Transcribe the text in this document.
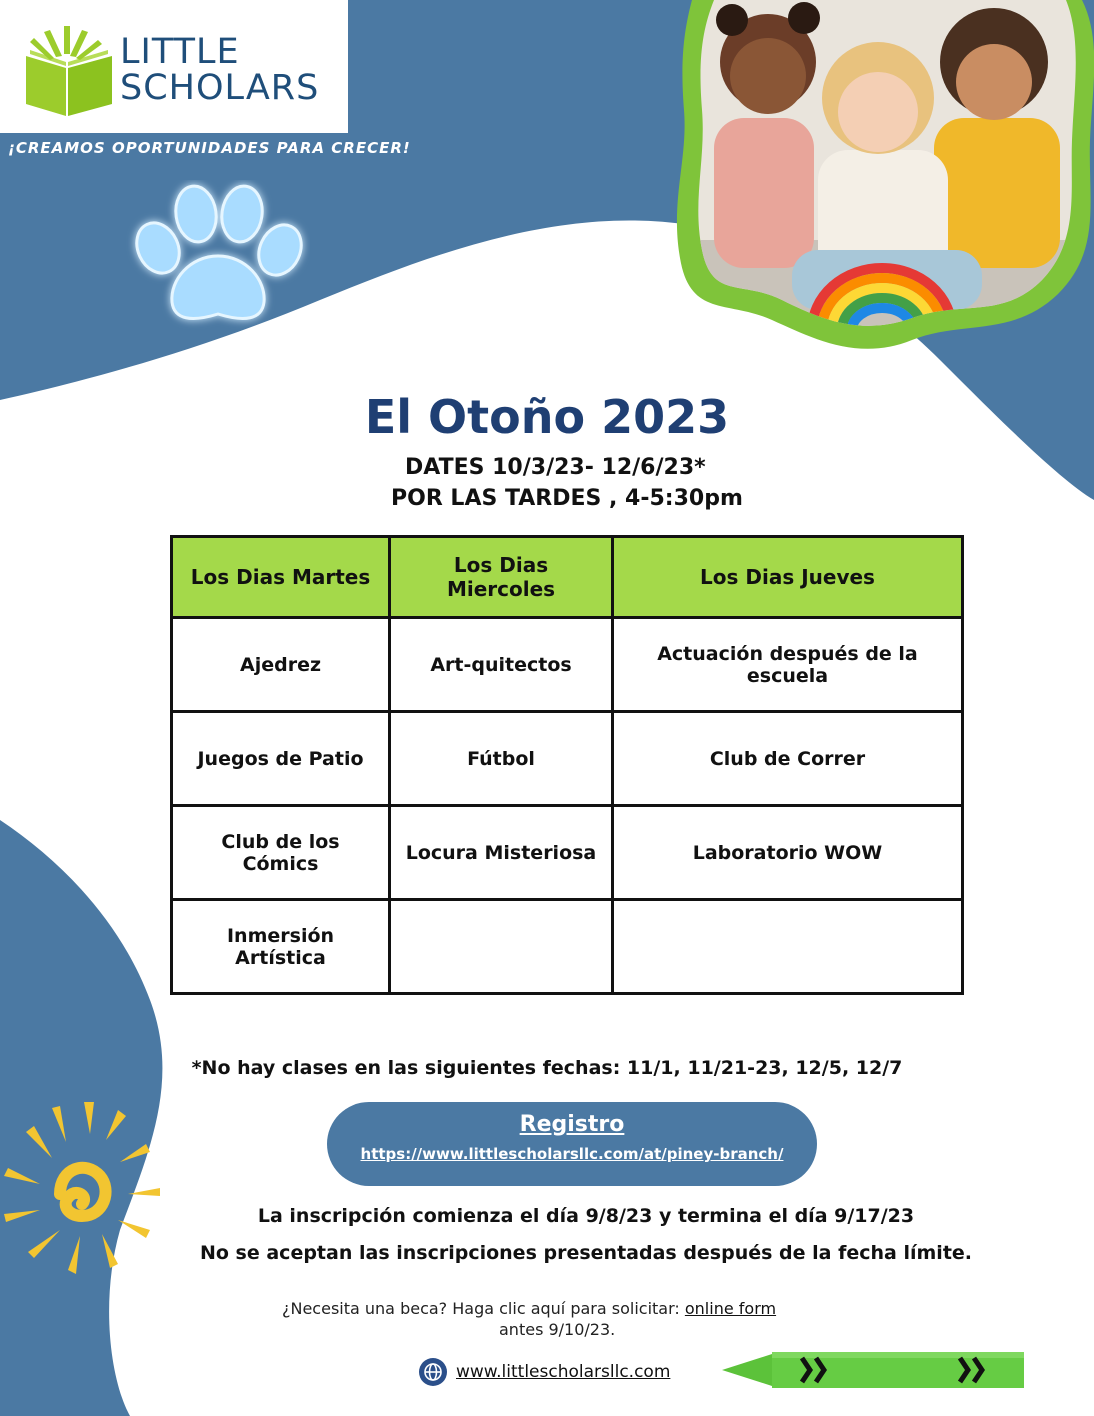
LITTLE
SCHOLARS
¡CREAMOS OPORTUNIDADES PARA CRECER!
El Otoño 2023
DATES 10/3/23- 12/6/23*
POR LAS TARDES , 4-5:30pm
Los Dias Martes	Los Dias Miercoles	Los Dias Jueves
Ajedrez	Art-quitectos	Actuación después de la escuela
Juegos de Patio	Fútbol	Club de Correr
Club de los Cómics	Locura Misteriosa	Laboratorio WOW
Inmersión Artística		
*No hay clases en las siguientes fechas: 11/1, 11/21-23, 12/5, 12/7
Registro
https://www.littlescholarsllc.com/at/piney-branch/
La inscripción comienza el día 9/8/23 y termina el día 9/17/23
No se aceptan las inscripciones presentadas después de la fecha límite.
¿Necesita una beca? Haga clic aquí para solicitar: online form
antes 9/10/23.
www.littlescholarsllc.com
